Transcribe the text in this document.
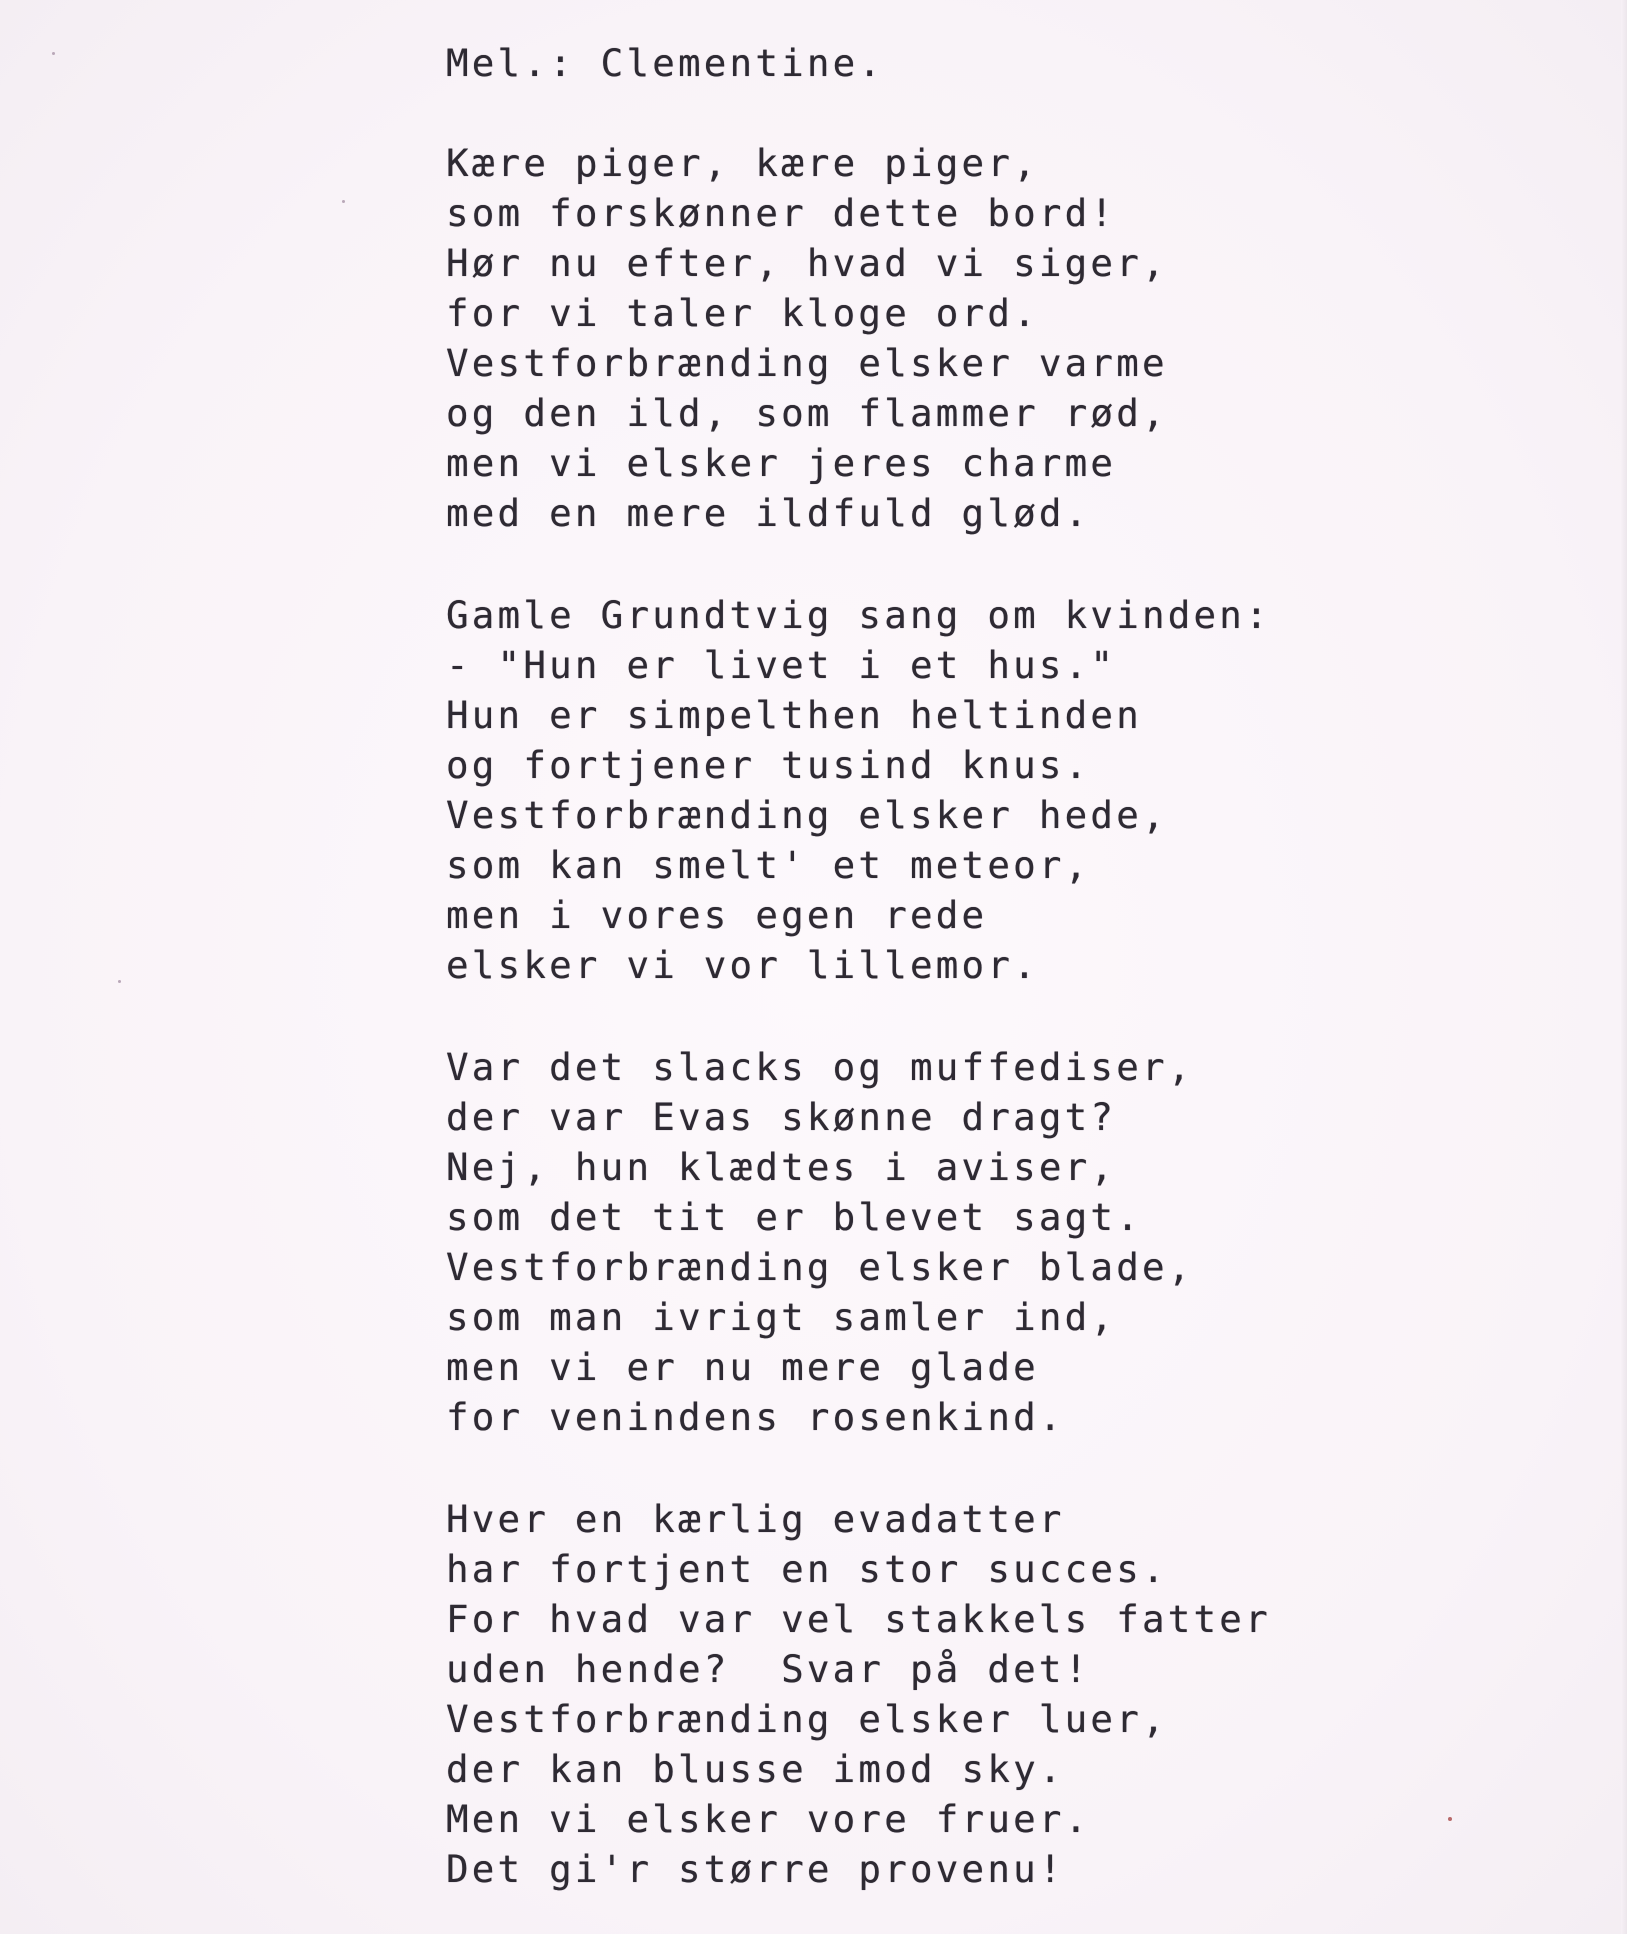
Mel.: Clementine.
Kære piger, kære piger,
som forskønner dette bord!
Hør nu efter, hvad vi siger,
for vi taler kloge ord.
Vestforbrænding elsker varme
og den ild, som flammer rød,
men vi elsker jeres charme
med en mere ildfuld glød.
Gamle Grundtvig sang om kvinden:
- "Hun er livet i et hus."
Hun er simpelthen heltinden
og fortjener tusind knus.
Vestforbrænding elsker hede,
som kan smelt' et meteor,
men i vores egen rede
elsker vi vor lillemor.
Var det slacks og muffediser,
der var Evas skønne dragt?
Nej, hun klædtes i aviser,
som det tit er blevet sagt.
Vestforbrænding elsker blade,
som man ivrigt samler ind,
men vi er nu mere glade
for venindens rosenkind.
Hver en kærlig evadatter
har fortjent en stor succes.
For hvad var vel stakkels fatter
uden hende?  Svar på det!
Vestforbrænding elsker luer,
der kan blusse imod sky.
Men vi elsker vore fruer.
Det gi'r større provenu!
